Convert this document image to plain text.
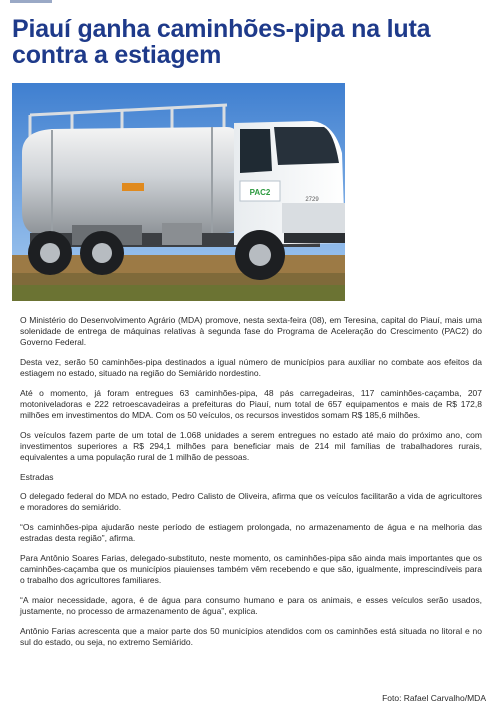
Piauí ganha caminhões-pipa na luta contra a estiagem
PAC2
2729

O Ministério do Desenvolvimento Agrário (MDA) promove, nesta sexta-feira (08), em Teresina, capital do Piauí, mais uma solenidade de entrega de máquinas relativas à segunda fase do Programa de Aceleração do Crescimento (PAC2) do Governo Federal.

Desta vez, serão 50 caminhões-pipa destinados a igual número de municípios para auxiliar no combate aos efeitos da estiagem no estado, situado na região do Semiárido nordestino.

Até o momento, já foram entregues 63 caminhões-pipa, 48 pás carregadeiras, 117 caminhões-caçamba, 207 motoniveladoras e 222 retroescavadeiras a prefeituras do Piauí, num total de 657 equipamentos e mais de R$ 172,8 milhões em investimentos do MDA. Com os 50 veículos, os recursos investidos somam R$ 185,6 milhões.

Os veículos fazem parte de um total de 1.068 unidades a serem entregues no estado até maio do próximo ano, com investimentos superiores a R$ 294,1 milhões para beneficiar mais de 214 mil famílias de trabalhadores rurais, equivalentes a uma população rural de 1 milhão de pessoas.

Estradas

O delegado federal do MDA no estado, Pedro Calisto de Oliveira, afirma que os veículos facilitarão a vida de agricultores e moradores do semiárido.

“Os caminhões-pipa ajudarão neste período de estiagem prolongada, no armazenamento de água e na melhoria das estradas desta região”, afirma.

Para Antônio Soares Farias, delegado-substituto, neste momento, os caminhões-pipa são ainda mais importantes que os caminhões-caçamba que os municípios piauienses também vêm recebendo e que são, igualmente, imprescindíveis para o trabalho dos agricultores familiares.

“A maior necessidade, agora, é de água para consumo humano e para os animais, e esses veículos serão usados, justamente, no processo de armazenamento de água”, explica.

Antônio Farias acrescenta que a maior parte dos 50 municípios atendidos com os caminhões está situada no litoral e no sul do estado, ou seja, no extremo Semiárido.

Foto: Rafael Carvalho/MDA
